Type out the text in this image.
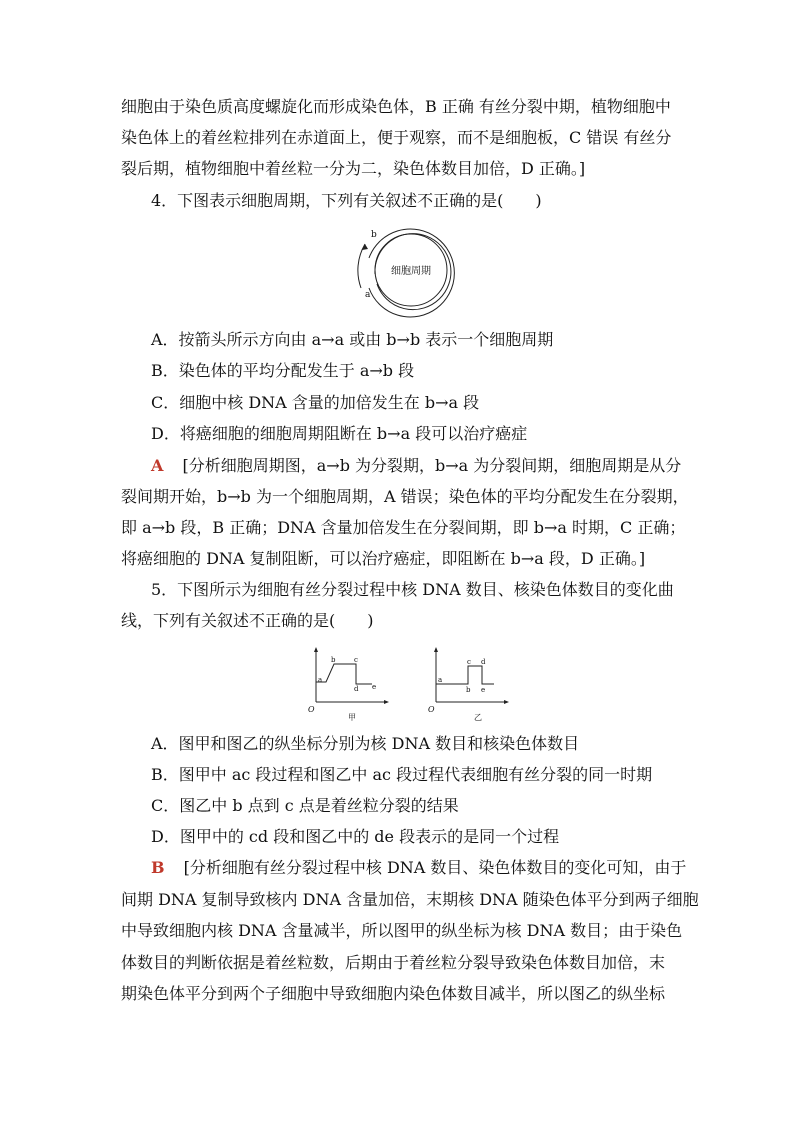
细胞由于染色质高度螺旋化而形成染色体，B 正确 有丝分裂中期，植物细胞中
染色体上的着丝粒排列在赤道面上，便于观察，而不是细胞板，C 错误 有丝分
裂后期，植物细胞中着丝粒一分为二，染色体数目加倍，D 正确。]
4．下图表示细胞周期，下列有关叙述不正确的是(　　)
细胞周期
b
a
A．按箭头所示方向由 a→a 或由 b→b 表示一个细胞周期
B．染色体的平均分配发生于 a→b 段
C．细胞中核 DNA 含量的加倍发生在 b→a 段
D．将癌细胞的细胞周期阻断在 b→a 段可以治疗癌症
A [分析细胞周期图，a→b 为分裂期，b→a 为分裂间期，细胞周期是从分
裂间期开始，b→b 为一个细胞周期，A 错误；染色体的平均分配发生在分裂期，
即 a→b 段，B 正确；DNA 含量加倍发生在分裂间期，即 b→a 时期，C 正确；
将癌细胞的 DNA 复制阻断，可以治疗癌症，即阻断在 b→a 段，D 正确。]
5．下图所示为细胞有丝分裂过程中核 DNA 数目、核染色体数目的变化曲
线，下列有关叙述不正确的是(　　)
O
a
b	c
d e
甲
O
a
b
c d
e
乙
A．图甲和图乙的纵坐标分别为核 DNA 数目和核染色体数目
B．图甲中 ac 段过程和图乙中 ac 段过程代表细胞有丝分裂的同一时期
C．图乙中 b 点到 c 点是着丝粒分裂的结果
D．图甲中的 cd 段和图乙中的 de 段表示的是同一个过程
B [分析细胞有丝分裂过程中核 DNA 数目、染色体数目的变化可知，由于
间期 DNA 复制导致核内 DNA 含量加倍，末期核 DNA 随染色体平分到两子细胞
中导致细胞内核 DNA 含量减半，所以图甲的纵坐标为核 DNA 数目；由于染色
体数目的判断依据是着丝粒数，后期由于着丝粒分裂导致染色体数目加倍，末
期染色体平分到两个子细胞中导致细胞内染色体数目减半，所以图乙的纵坐标
